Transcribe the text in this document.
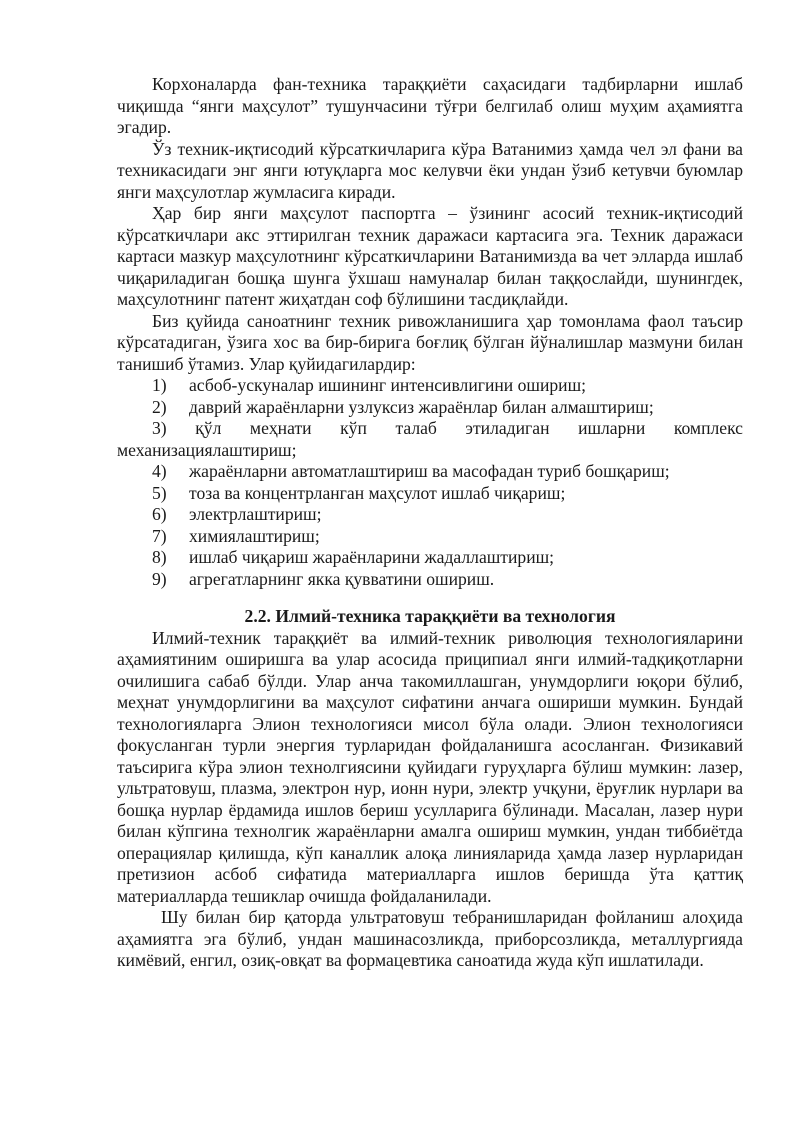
Корхоналарда фан-техника тараққиёти саҳасидаги тадбирларни ишлаб чиқишда “янги маҳсулот” тушунчасини тўғри белгилаб олиш муҳим аҳамиятга эгадир.

Ўз техник-иқтисодий кўрсаткичларига кўра Ватанимиз ҳамда чел эл фани ва техникасидаги энг янги ютуқларга мос келувчи ёки ундан ўзиб кетувчи буюмлар янги маҳсулотлар жумласига киради.

Ҳар бир янги маҳсулот паспортга – ўзининг асосий техник-иқтисодий кўрсаткичлари акс эттирилган техник даражаси картасига эга. Техник даражаси картаси мазкур маҳсулотнинг кўрсаткичларини Ватанимизда ва чет элларда ишлаб чиқариладиган бошқа шунга ўхшаш намуналар билан таққослайди, шунингдек, маҳсулотнинг патент жиҳатдан соф бўлишини тасдиқлайди.

Биз қуйида саноатнинг техник ривожланишига ҳар томонлама фаол таъсир кўрсатадиган, ўзига хос ва бир-бирига боғлиқ бўлган йўналишлар мазмуни билан танишиб ўтамиз. Улар қуйидагилардир:

1)	асбоб-ускуналар ишининг интенсивлигини ошириш;
2)	даврий жараёнларни узлуксиз жараёнлар билан алмаштириш;

3) қўл меҳнати кўп талаб этиладиган ишларни комплекс механизациялаштириш;

4)	жараёнларни автоматлаштириш ва масофадан туриб бошқариш;
5)	тоза ва концентрланган маҳсулот ишлаб чиқариш;
6)	электрлаштириш;
7)	химиялаштириш;
8)	ишлаб чиқариш жараёнларини жадаллаштириш;
9)	агрегатларнинг якка қувватини ошириш.
2.2. Илмий-техника тараққиёти ва технология

Илмий-техник тараққиёт ва илмий-техник риволюция технологияларини аҳамиятиним оширишга ва улар асосида приципиал янги илмий-тадқиқотларни очилишига сабаб бўлди. Улар анча такомиллашган, унумдорлиги юқори бўлиб, меҳнат унумдорлигини ва маҳсулот сифатини анчага ошириши мумкин. Бундай технологияларга Элион технологияси мисол бўла олади. Элион технологияси фокусланган турли энергия турларидан фойдаланишга асосланган. Физикавий таъсирига кўра элион технолгиясини қуйидаги гуруҳларга бўлиш мумкин: лазер, ультратовуш, плазма, электрон нур, ионн нури, электр учқуни, ёруғлик нурлари ва бошқа нурлар ёрдамида ишлов бериш усулларига бўлинади. Масалан, лазер нури билан кўпгина технолгик жараёнларни амалга ошириш мумкин, ундан тиббиётда операциялар қилишда, кўп каналлик алоқа линияларида ҳамда лазер нурларидан претизион асбоб сифатида материалларга ишлов беришда ўта қаттиқ материалларда тешиклар очишда фойдаланилади.

Шу билан бир қаторда ультратовуш тебранишларидан фойланиш алоҳида аҳамиятга эга бўлиб, ундан машинасозликда, приборсозликда, металлургияда кимёвий, енгил, озиқ-овқат ва формацевтика саноатида жуда кўп ишлатилади.
